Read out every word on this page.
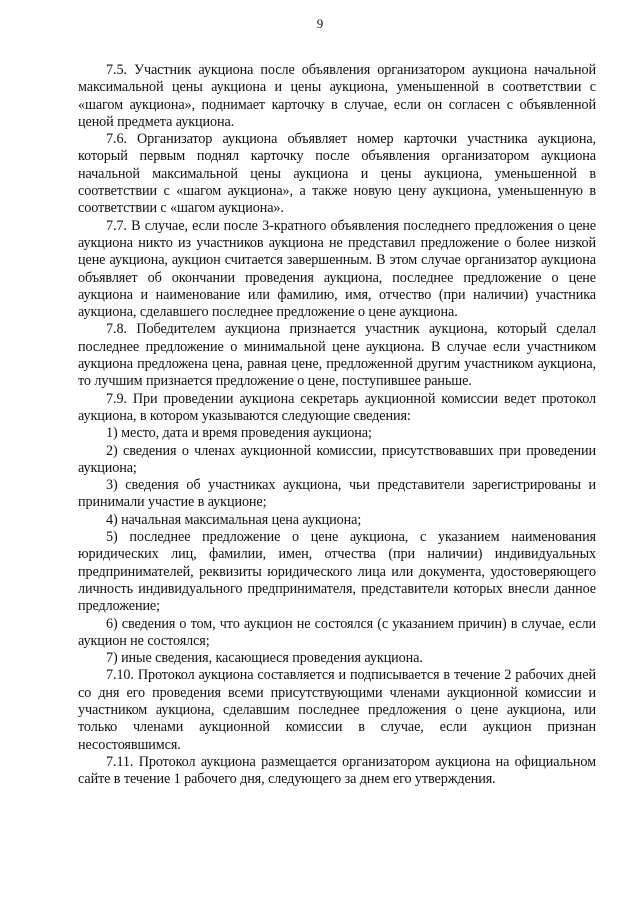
9

7.5. Участник аукциона после объявления организатором аукциона начальной максимальной цены аукциона и цены аукциона, уменьшенной в соответствии с «шагом аукциона», поднимает карточку в случае, если он согласен с объявленной ценой предмета аукциона.

7.6. Организатор аукциона объявляет номер карточки участника аукциона, который первым поднял карточку после объявления организатором аукциона начальной максимальной цены аукциона и цены аукциона, уменьшенной в соответствии с «шагом аукциона», а также новую цену аукциона, уменьшенную в соответствии с «шагом аукциона».

7.7. В случае, если после 3-кратного объявления последнего предложения о цене аукциона никто из участников аукциона не представил предложение о более низкой цене аукциона, аукцион считается завершенным. В этом случае организатор аукциона объявляет об окончании проведения аукциона, последнее предложение о цене аукциона и наименование или фамилию, имя, отчество (при наличии) участника аукциона, сделавшего последнее предложение о цене аукциона.

7.8. Победителем аукциона признается участник аукциона, который сделал последнее предложение о минимальной цене аукциона. В случае если участником аукциона предложена цена, равная цене, предложенной другим участником аукциона, то лучшим признается предложение о цене, поступившее раньше.

7.9. При проведении аукциона секретарь аукционной комиссии ведет протокол аукциона, в котором указываются следующие сведения:

1) место, дата и время проведения аукциона;

2) сведения о членах аукционной комиссии, присутствовавших при проведении аукциона;

3) сведения об участниках аукциона, чьи представители зарегистрированы и принимали участие в аукционе;

4) начальная максимальная цена аукциона;

5) последнее предложение о цене аукциона, с указанием наименования юридических лиц, фамилии, имен, отчества (при наличии) индивидуальных предпринимателей, реквизиты юридического лица или документа, удостоверяющего личность индивидуального предпринимателя, представители которых внесли данное предложение;

6) сведения о том, что аукцион не состоялся (с указанием причин) в случае, если аукцион не состоялся;

7) иные сведения, касающиеся проведения аукциона.

7.10. Протокол аукциона составляется и подписывается в течение 2 рабочих дней со дня его проведения всеми присутствующими членами аукционной комиссии и участником аукциона, сделавшим последнее предложения о цене аукциона, или только членами аукционной комиссии в случае, если аукцион признан несостоявшимся.

7.11. Протокол аукциона размещается организатором аукциона на официальном сайте в течение 1 рабочего дня, следующего за днем его утверждения.
